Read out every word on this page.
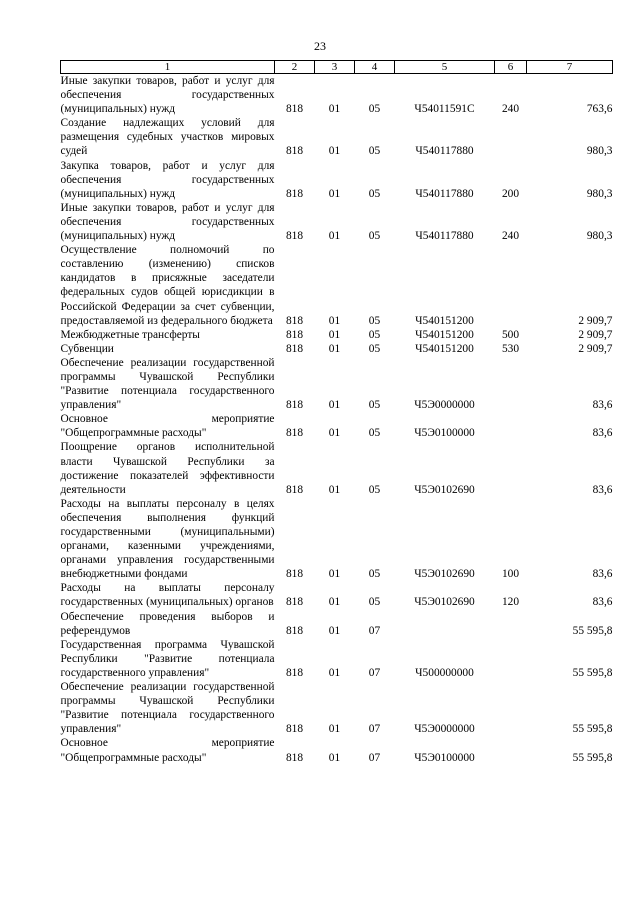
23
1	2	3	4	5	6	7
Иные закупки товаров, работ и услуг для обеспечения государственных (муниципальных) нужд	818	01	05	Ч54011591С	240	763,6
Создание надлежащих условий для размещения судебных участков мировых судей	818	01	05	Ч540117880		980,3
Закупка товаров, работ и услуг для обеспечения государственных (муниципальных) нужд	818	01	05	Ч540117880	200	980,3
Иные закупки товаров, работ и услуг для обеспечения государственных (муниципальных) нужд	818	01	05	Ч540117880	240	980,3
Осуществление полномочий по составлению (изменению) списков кандидатов в присяжные заседатели федеральных судов общей юрисдикции в Российской Федерации за счет субвенции, предоставляемой из федерального бюджета	818	01	05	Ч540151200		2 909,7
Межбюджетные трансферты	818	01	05	Ч540151200	500	2 909,7
Субвенции	818	01	05	Ч540151200	530	2 909,7
Обеспечение реализации государственной программы Чувашской Республики "Развитие потенциала государственного управления"	818	01	05	Ч5Э0000000		83,6
Основное мероприятие "Общепрограммные расходы"	818	01	05	Ч5Э0100000		83,6
Поощрение органов исполнительной власти Чувашской Республики за достижение показателей эффективности деятельности	818	01	05	Ч5Э0102690		83,6
Расходы на выплаты персоналу в целях обеспечения выполнения функций государственными (муниципальными) органами, казенными учреждениями, органами управления государственными внебюджетными фондами	818	01	05	Ч5Э0102690	100	83,6
Расходы на выплаты персоналу государственных (муниципальных) органов	818	01	05	Ч5Э0102690	120	83,6
Обеспечение проведения выборов и референдумов	818	01	07			55 595,8
Государственная программа Чувашской Республики "Развитие потенциала государственного управления"	818	01	07	Ч500000000		55 595,8
Обеспечение реализации государственной программы Чувашской Республики "Развитие потенциала государственного управления"	818	01	07	Ч5Э0000000		55 595,8
Основное мероприятие "Общепрограммные расходы"	818	01	07	Ч5Э0100000		55 595,8
